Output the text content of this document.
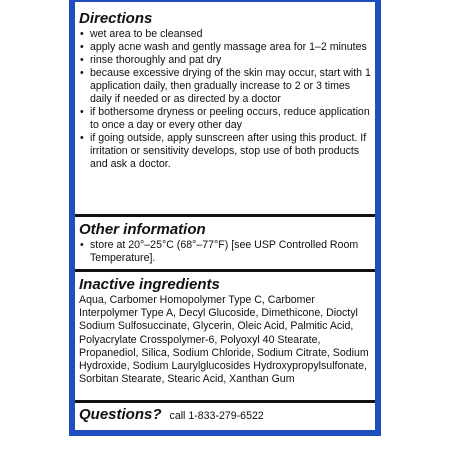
Directions
• wet area to be cleansed
• apply acne wash and gently massage area for 1–2 minutes
• rinse thoroughly and pat dry
• because excessive drying of the skin may occur, start with 1 application daily, then gradually increase to 2 or 3 times daily if needed or as directed by a doctor
• if bothersome dryness or peeling occurs, reduce application to once a day or every other day
• if going outside, apply sunscreen after using this product. If irritation or sensitivity develops, stop use of both products and ask a doctor.
Other information
• store at 20°–25°C (68°–77°F) [see USP Controlled Room Temperature].
Inactive ingredients

Aqua, Carbomer Homopolymer Type C, Carbomer Interpolymer Type A, Decyl Glucoside, Dimethicone, Dioctyl Sodium Sulfosuccinate, Glycerin, Oleic Acid, Palmitic Acid, Polyacrylate Crosspolymer-6, Polyoxyl 40 Stearate, Propanediol, Silica, Sodium Chloride, Sodium Citrate, Sodium Hydroxide, Sodium Laurylglucosides Hydroxypropylsulfonate, Sorbitan Stearate, Stearic Acid, Xanthan Gum

Questions? call 1-833-279-6522
